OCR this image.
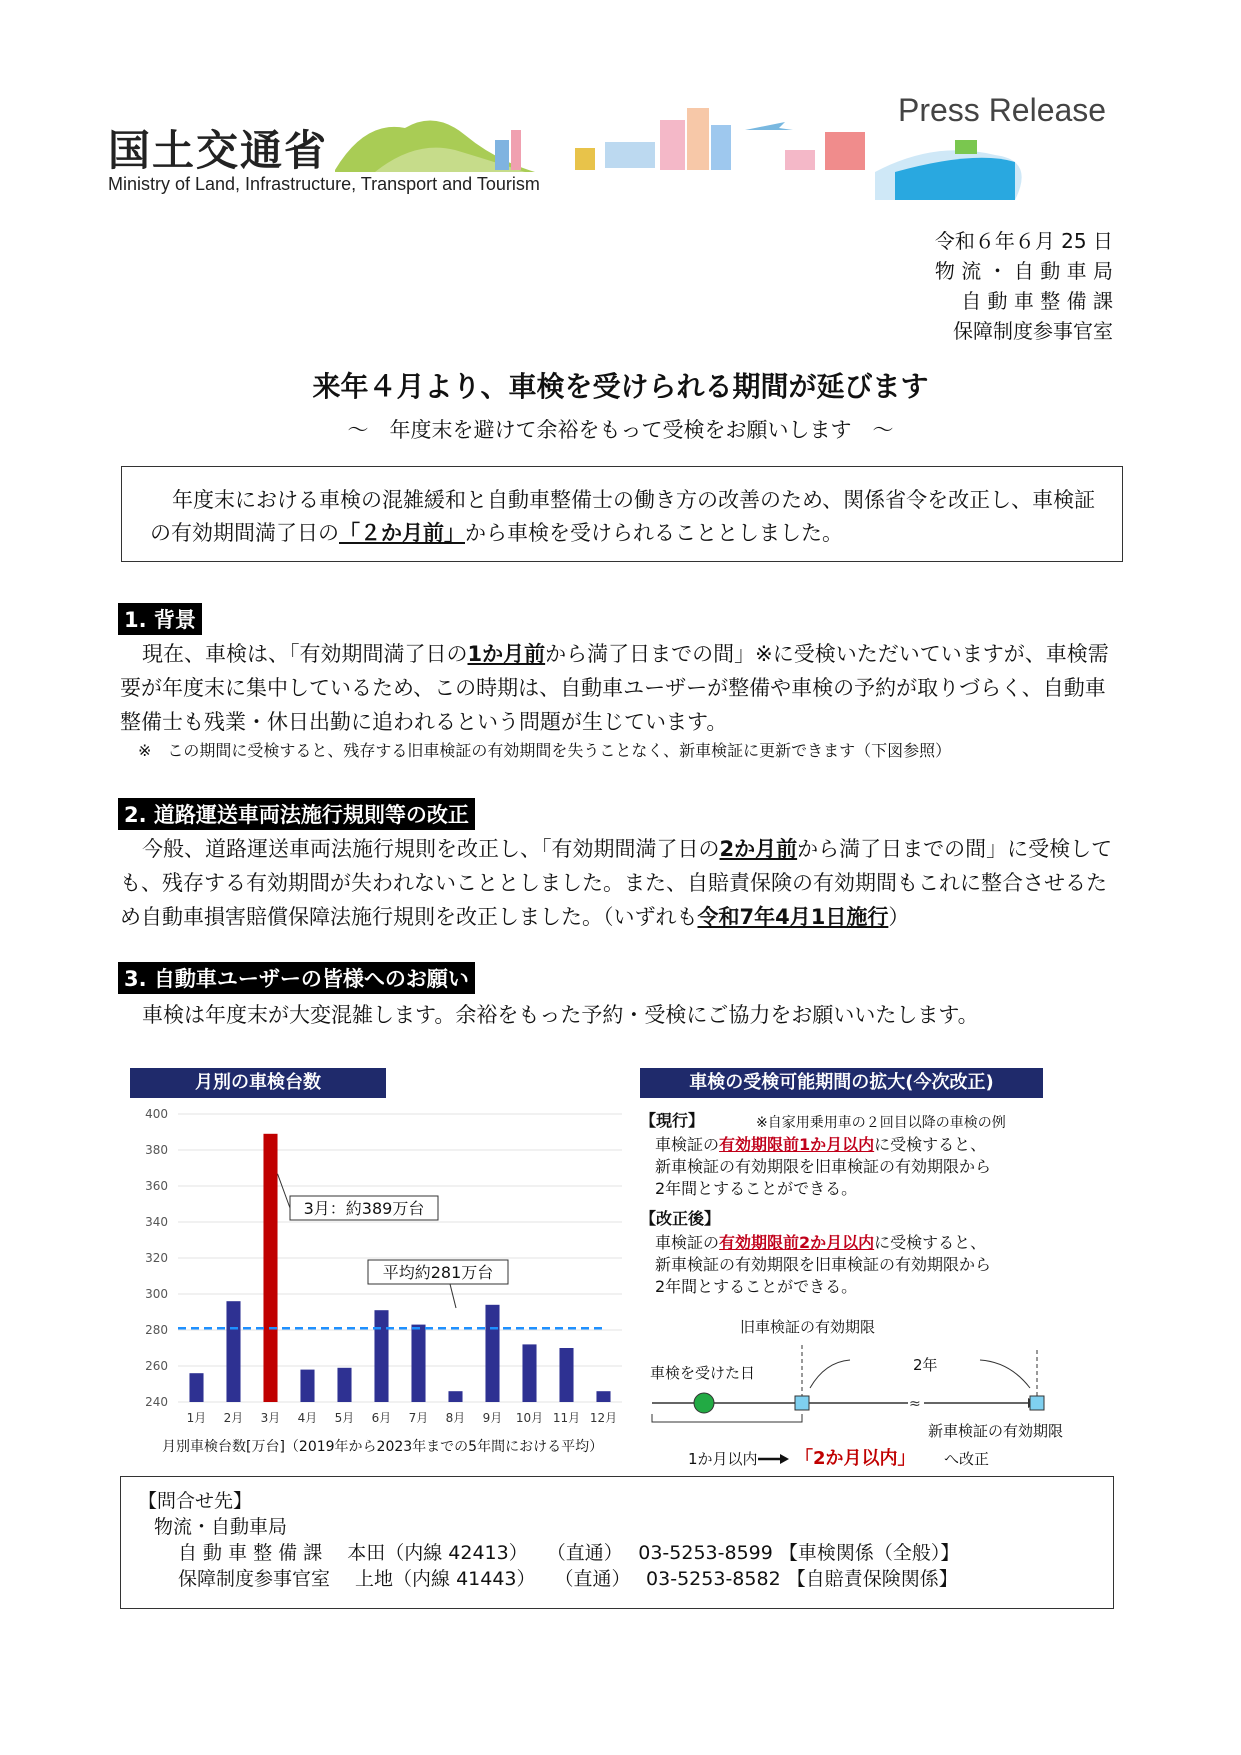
国土交通省
Ministry of Land, Infrastructure, Transport and Tourism
Press Release
令和６年６月 25 日
物 流 ・ 自 動 車 局
自 動 車 整 備 課
保障制度参事官室
来年４月より、車検を受けられる期間が延びます
～　年度末を避けて余裕をもって受検をお願いします　～
年度末における車検の混雑緩和と自動車整備士の働き方の改善のため、関係省令を改正し、車検証の有効期間満了日の「２か月前」から車検を受けられることとしました。
1. 背景
現在、車検は、「有効期間満了日の1か月前から満了日までの間」※に受検いただいていますが、車検需要が年度末に集中しているため、この時期は、自動車ユーザーが整備や車検の予約が取りづらく、自動車整備士も残業・休日出勤に追われるという問題が生じています。
※　この期間に受検すると、残存する旧車検証の有効期間を失うことなく、新車検証に更新できます（下図参照）
2. 道路運送車両法施行規則等の改正
今般、道路運送車両法施行規則を改正し、「有効期間満了日の2か月前から満了日までの間」に受検しても、残存する有効期間が失われないこととしました。また、自賠責保険の有効期間もこれに整合させるため自動車損害賠償保障法施行規則を改正しました。（いずれも令和7年4月1日施行）
3. 自動車ユーザーの皆様へのお願い
車検は年度末が大変混雑します。余裕をもった予約・受検にご協力をお願いいたします。
月別の車検台数
240
260
280
300
320
340
360
380
400
1月 2月 3月 4月 5月 6月 7月 8月 9月 10月 11月 12月
3月：約389万台
平均約281万台
月別車検台数[万台]（2019年から2023年までの5年間における平均）
車検の受検可能期間の拡大(今次改正)
【現行】	※自家用乗用車の２回目以降の車検の例
車検証の有効期限前1か月以内に受検すると、
新車検証の有効期限を旧車検証の有効期限から
2年間とすることができる。
【改正後】
車検証の有効期限前2か月以内に受検すると、
新車検証の有効期限を旧車検証の有効期限から
2年間とすることができる。
旧車検証の有効期限
2年
車検を受けた日
≈
新車検証の有効期限
1か月以内 「2か月以内」 へ改正
【問合せ先】
物流・自動車局
自 動 車 整 備 課　 本田（内線 42413）　　（直通）　 03-5253-8599 【車検関係（全般）】
保障制度参事官室　 上地（内線 41443）　　（直通）　 03-5253-8582 【自賠責保険関係】
